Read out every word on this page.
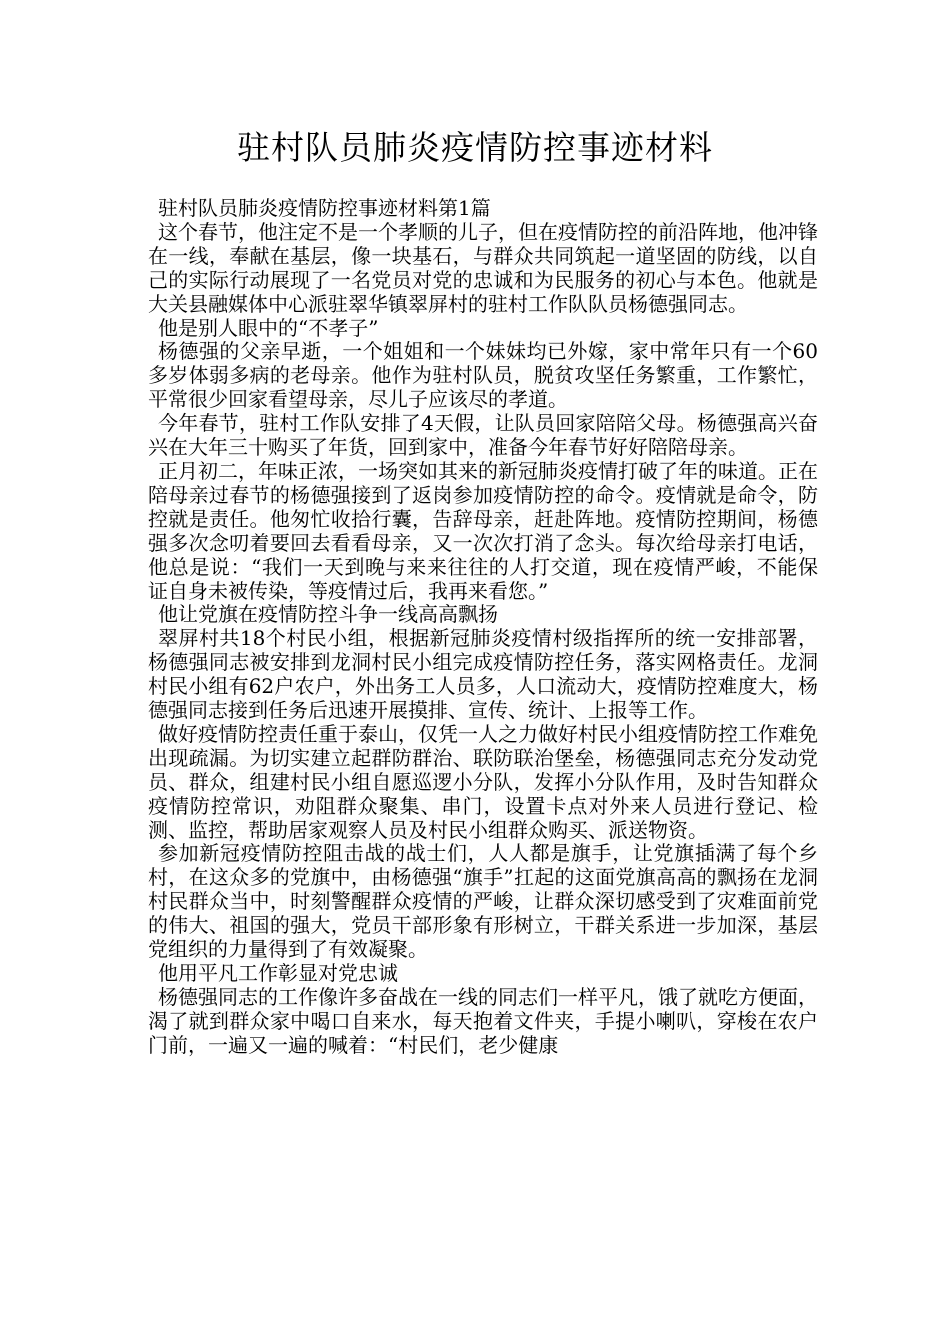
驻村队员肺炎疫情防控事迹材料

驻村队员肺炎疫情防控事迹材料第1篇

这个春节，他注定不是一个孝顺的儿子，但在疫情防控的前沿阵地，他冲锋在一线，奉献在基层，像一块基石，与群众共同筑起一道坚固的防线，以自己的实际行动展现了一名党员对党的忠诚和为民服务的初心与本色。他就是大关县融媒体中心派驻翠华镇翠屏村的驻村工作队队员杨德强同志。

他是别人眼中的“不孝子”

杨德强的父亲早逝，一个姐姐和一个妹妹均已外嫁，家中常年只有一个60多岁体弱多病的老母亲。他作为驻村队员，脱贫攻坚任务繁重，工作繁忙，平常很少回家看望母亲，尽儿子应该尽的孝道。

今年春节，驻村工作队安排了4天假，让队员回家陪陪父母。杨德强高兴奋兴在大年三十购买了年货，回到家中，准备今年春节好好陪陪母亲。

正月初二，年味正浓，一场突如其来的新冠肺炎疫情打破了年的味道。正在陪母亲过春节的杨德强接到了返岗参加疫情防控的命令。疫情就是命令，防控就是责任。他匆忙收拾行囊，告辞母亲，赶赴阵地。疫情防控期间，杨德强多次念叨着要回去看看母亲，又一次次打消了念头。每次给母亲打电话，他总是说：“我们一天到晚与来来往往的人打交道，现在疫情严峻，不能保证自身未被传染，等疫情过后，我再来看您。”

他让党旗在疫情防控斗争一线高高飘扬

翠屏村共18个村民小组，根据新冠肺炎疫情村级指挥所的统一安排部署，杨德强同志被安排到龙洞村民小组完成疫情防控任务，落实网格责任。龙洞村民小组有62户农户，外出务工人员多，人口流动大，疫情防控难度大，杨德强同志接到任务后迅速开展摸排、宣传、统计、上报等工作。

做好疫情防控责任重于泰山，仅凭一人之力做好村民小组疫情防控工作难免出现疏漏。为切实建立起群防群治、联防联治堡垒，杨德强同志充分发动党员、群众，组建村民小组自愿巡逻小分队，发挥小分队作用，及时告知群众疫情防控常识，劝阻群众聚集、串门，设置卡点对外来人员进行登记、检测、监控，帮助居家观察人员及村民小组群众购买、派送物资。

参加新冠疫情防控阻击战的战士们，人人都是旗手，让党旗插满了每个乡村，在这众多的党旗中，由杨德强“旗手”扛起的这面党旗高高的飘扬在龙洞村民群众当中，时刻警醒群众疫情的严峻，让群众深切感受到了灾难面前党的伟大、祖国的强大，党员干部形象有形树立，干群关系进一步加深，基层党组织的力量得到了有效凝聚。

他用平凡工作彰显对党忠诚

杨德强同志的工作像许多奋战在一线的同志们一样平凡，饿了就吃方便面，渴了就到群众家中喝口自来水，每天抱着文件夹，手提小喇叭，穿梭在农户门前，一遍又一遍的喊着：“村民们，老少健康
